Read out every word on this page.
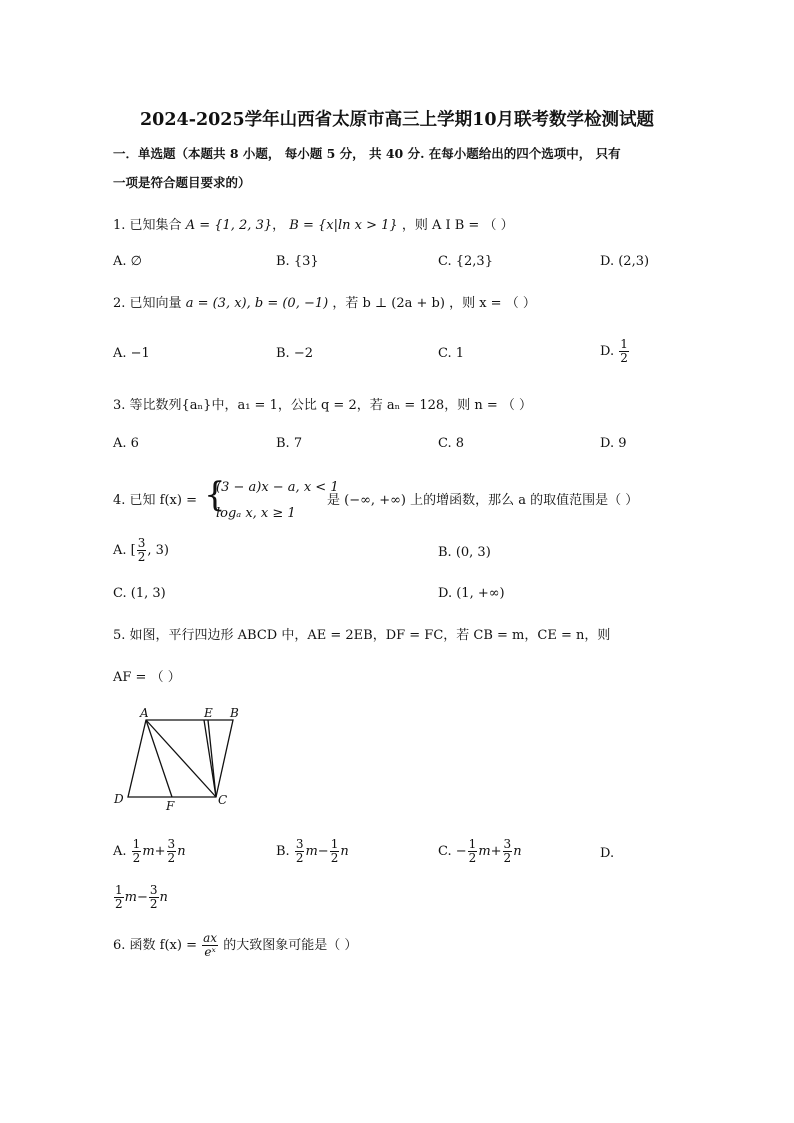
2024-2025学年山西省太原市高三上学期10月联考数学检测试题
一．单选题（本题共 8 小题， 每小题 5 分， 共 40 分. 在每小题给出的四个选项中， 只有
一项是符合题目要求的）
1. 已知集合 A = {1, 2, 3}， B = {x|ln x > 1} ，则 A I B = （ ）
A. ∅	B. {3}	C. {2,3}	D. (2,3)
2. 已知向量 a = (3, x), b = (0, −1) ，若 b ⊥ (2a + b) ，则 x = （ ）
A. −1	B. −2	C. 1	D. $\frac{1}{2}$
3. 等比数列{aₙ}中，a₁ = 1，公比 q = 2，若 aₙ = 128，则 n = （ ）
A. 6	B. 7	C. 8	D. 9
4. 已知 f(x) = {
(3 − a)x − a, x < 1
logₐ x, x ≥ 1
是 (−∞, +∞) 上的增函数，那么 a 的取值范围是（ ）
A. [ $\frac{3}{2}$ , 3)	B. (0, 3)
C. (1, 3)	D. (1, +∞)
5. 如图，平行四边形 ABCD 中，AE = 2EB，DF = FC，若 CB = m，CE = n，则
AF = （ ）
A	E B
D	F	C
A. $\frac{1}{2} m+ \frac{3}{2}$ n	B. $\frac{3}{2} m- \frac{1}{2}$ n	C. − $\frac{1}{2} m+ \frac{3}{2}$ n	D.
$\frac{1}{2} m- \frac{3}{2}$ n
6. 函数 $f(x) = \frac{ax}{\text{eˣ}}$ 的大致图象可能是（ ）
